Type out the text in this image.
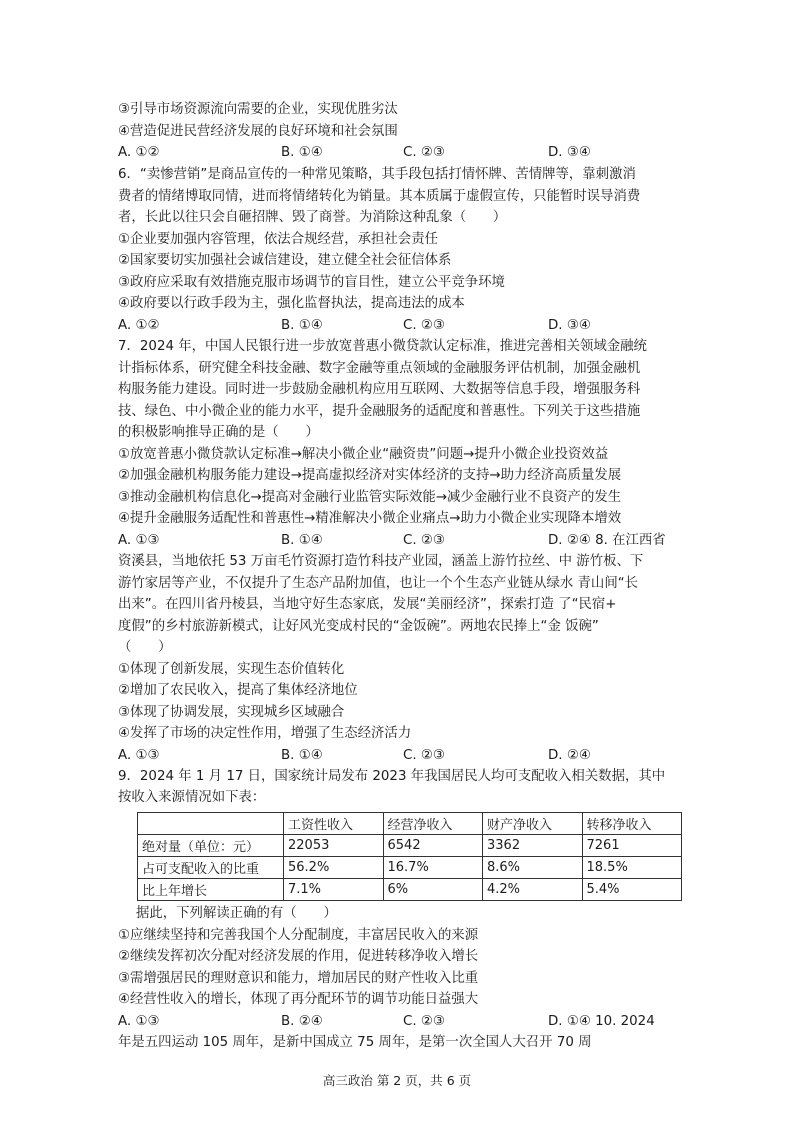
③引导市场资源流向需要的企业，实现优胜劣汰
④营造促进民营经济发展的良好环境和社会氛围
A. ①②	B. ①④	C. ②③	D. ③④
6．“卖惨营销”是商品宣传的一种常见策略，其手段包括打情怀牌、苦情牌等，靠刺激消
费者的情绪博取同情，进而将情绪转化为销量。其本质属于虚假宣传，只能暂时误导消费
者，长此以往只会自砸招牌、毁了商誉。为消除这种乱象（　　）
①企业要加强内容管理，依法合规经营，承担社会责任
②国家要切实加强社会诚信建设，建立健全社会征信体系
③政府应采取有效措施克服市场调节的盲目性，建立公平竞争环境
④政府要以行政手段为主，强化监督执法，提高违法的成本
A. ①②	B. ①④	C. ②③	D. ③④
7．2024 年，中国人民银行进一步放宽普惠小微贷款认定标准，推进完善相关领域金融统
计指标体系，研究健全科技金融、数字金融等重点领域的金融服务评估机制，加强金融机
构服务能力建设。同时进一步鼓励金融机构应用互联网、大数据等信息手段，增强服务科
技、绿色、中小微企业的能力水平，提升金融服务的适配度和普惠性。下列关于这些措施
的积极影响推导正确的是（　　）
①放宽普惠小微贷款认定标准→解决小微企业“融资贵”问题→提升小微企业投资效益
②加强金融机构服务能力建设→提高虚拟经济对实体经济的支持→助力经济高质量发展
③推动金融机构信息化→提高对金融行业监管实际效能→减少金融行业不良资产的发生
④提升金融服务适配性和普惠性→精准解决小微企业痛点→助力小微企业实现降本增效
A. ①③	B. ①④	C. ②③	D. ②④ 8. 在江西省
资溪县，当地依托 53 万亩毛竹资源打造竹科技产业园，涵盖上游竹拉丝、中 游竹板、下
游竹家居等产业，不仅提升了生态产品附加值，也让一个个生态产业链从绿水 青山间“长
出来”。在四川省丹棱县，当地守好生态家底，发展“美丽经济”，探索打造 了“民宿+
度假”的乡村旅游新模式，让好风光变成村民的“金饭碗”。两地农民捧上“金 饭碗”
（　　）
①体现了创新发展，实现生态价值转化
②增加了农民收入，提高了集体经济地位
③体现了协调发展，实现城乡区域融合
④发挥了市场的决定性作用，增强了生态经济活力
A. ①③	B. ①④	C. ②③	D. ②④
9．2024 年 1 月 17 日，国家统计局发布 2023 年我国居民人均可支配收入相关数据，其中
按收入来源情况如下表：
	工资性收入	经营净收入	财产净收入	转移净收入
绝对量（单位：元）	22053	6542	3362	7261
占可支配收入的比重	56.2%	16.7%	8.6%	18.5%
比上年增长	7.1%	6%	4.2%	5.4%
据此，下列解读正确的有（　　）
①应继续坚持和完善我国个人分配制度，丰富居民收入的来源
②继续发挥初次分配对经济发展的作用，促进转移净收入增长
③需增强居民的理财意识和能力，增加居民的财产性收入比重
④经营性收入的增长，体现了再分配环节的调节功能日益强大
A. ①③	B. ②④	C. ②③	D. ①④ 10. 2024
年是五四运动 105 周年，是新中国成立 75 周年，是第一次全国人大召开 70 周
高三政治 第 2 页，共 6 页
